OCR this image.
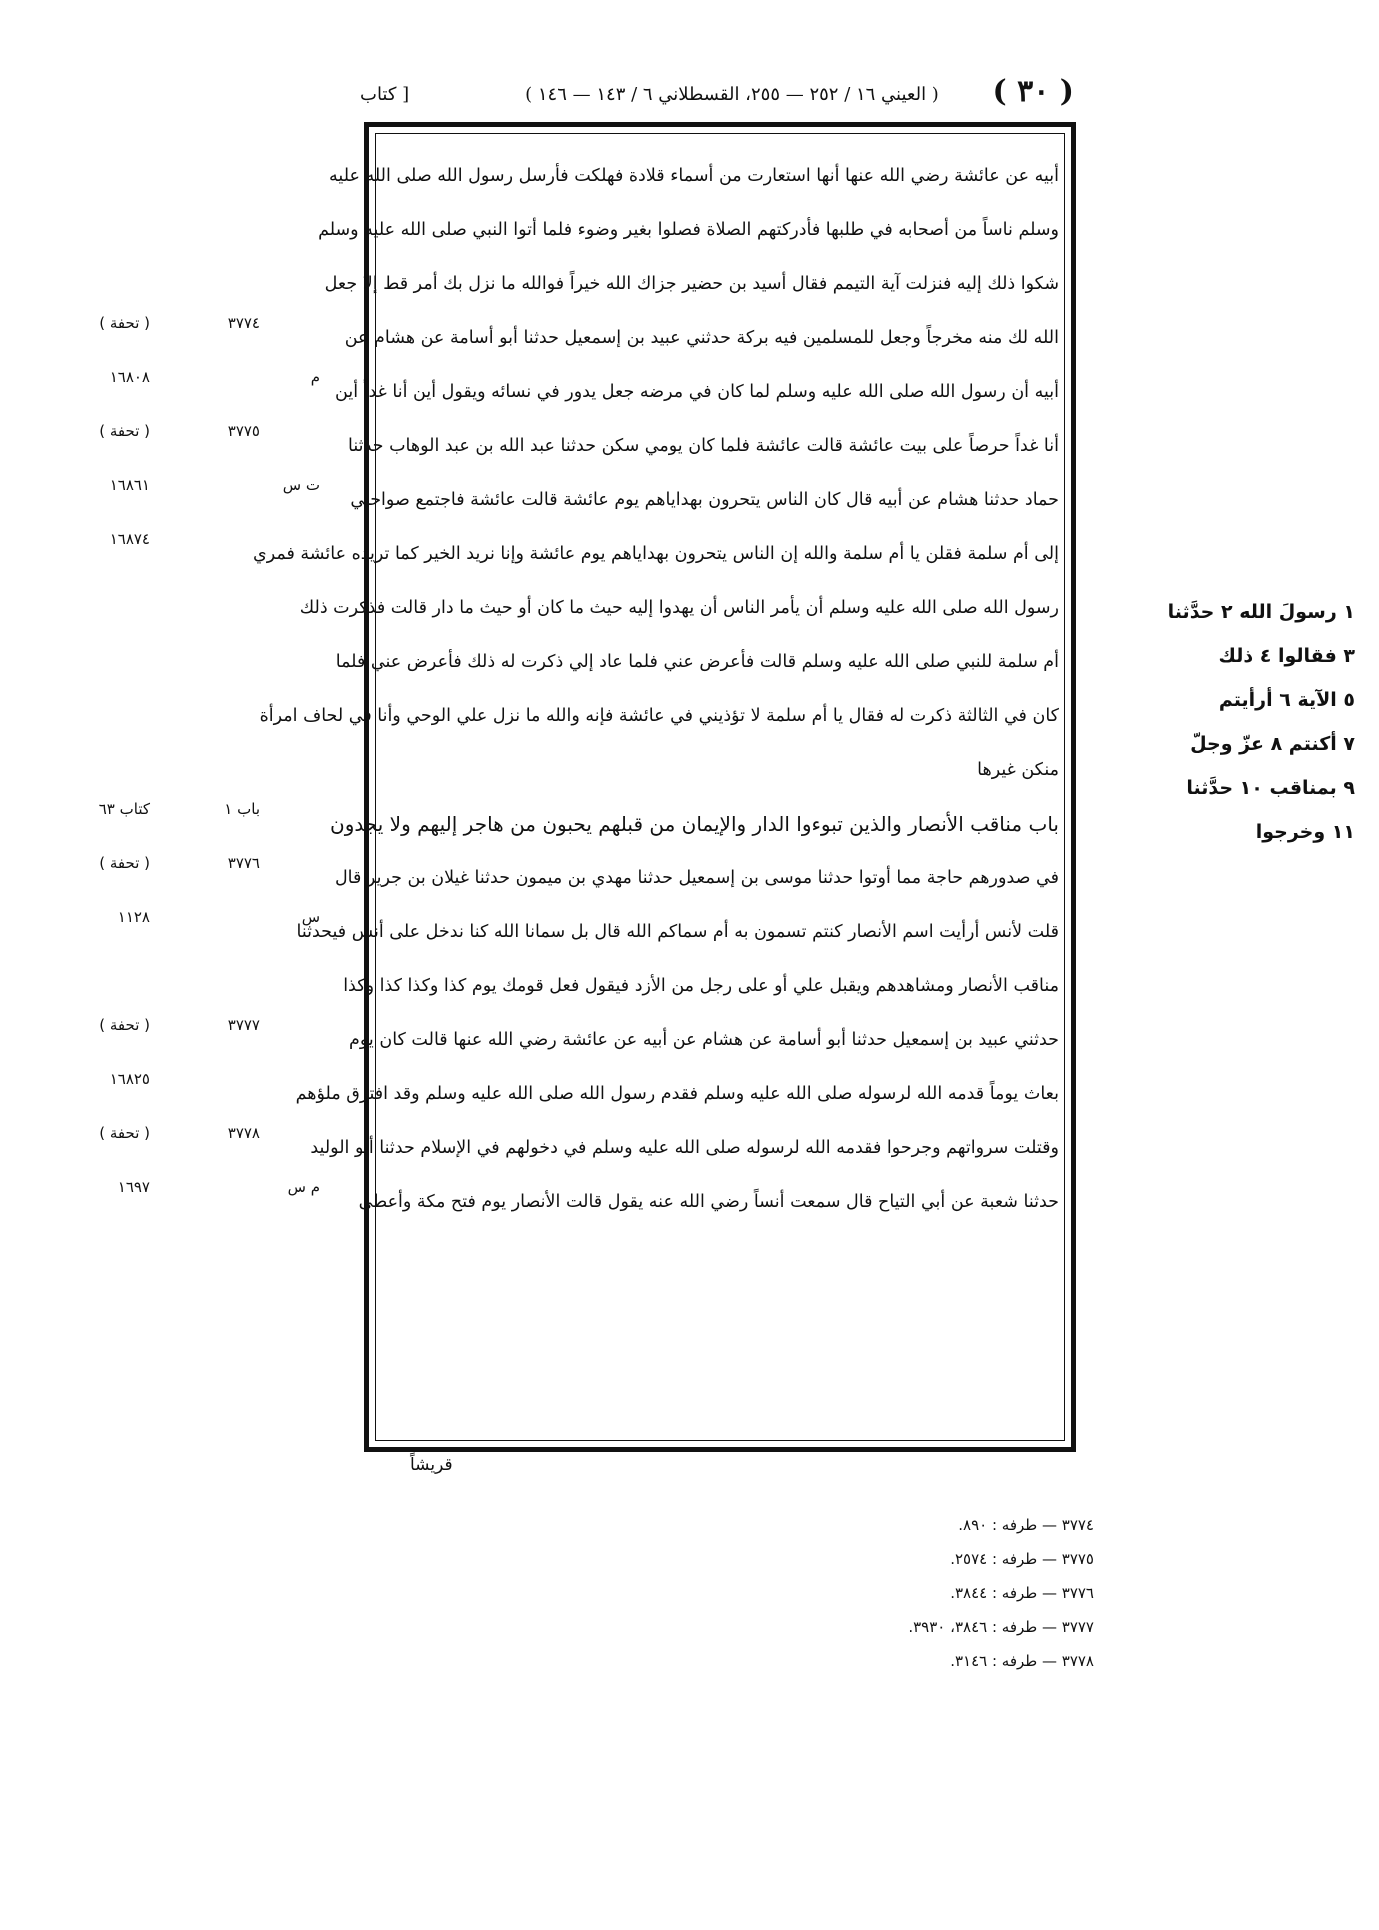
( ٣٠ )
( العيني ١٦ / ٢٥٢ — ٢٥٥، القسطلاني ٦ / ١٤٣ — ١٤٦ )
[ كتاب
أبيه عن عائشة رضي الله عنها أنها استعارت من أسماء قلادة فهلكت فأرسل رسول الله صلى الله عليه
وسلم ناساً من أصحابه في طلبها فأدركتهم الصلاة فصلوا بغير وضوء فلما أتوا النبي صلى الله عليه وسلم
شكوا ذلك إليه فنزلت آية التيمم فقال أسيد بن حضير جزاك الله خيراً فوالله ما نزل بك أمر قط إلا جعل
الله لك منه مخرجاً وجعل للمسلمين فيه بركة حدثني عبيد بن إسمعيل حدثنا أبو أسامة عن هشام عن
أبيه أن رسول الله صلى الله عليه وسلم لما كان في مرضه جعل يدور في نسائه ويقول أين أنا غداً أين
أنا غداً حرصاً على بيت عائشة قالت عائشة فلما كان يومي سكن حدثنا عبد الله بن عبد الوهاب حدثنا
حماد حدثنا هشام عن أبيه قال كان الناس يتحرون بهداياهم يوم عائشة قالت عائشة فاجتمع صواحبي
إلى أم سلمة فقلن يا أم سلمة والله إن الناس يتحرون بهداياهم يوم عائشة وإنا نريد الخير كما تريده عائشة فمري
رسول الله صلى الله عليه وسلم أن يأمر الناس أن يهدوا إليه حيث ما كان أو حيث ما دار قالت فذكرت ذلك
أم سلمة للنبي صلى الله عليه وسلم قالت فأعرض عني فلما عاد إلي ذكرت له ذلك فأعرض عني فلما
كان في الثالثة ذكرت له فقال يا أم سلمة لا تؤذيني في عائشة فإنه والله ما نزل علي الوحي وأنا في لحاف امرأة
منكن غيرها
باب مناقب الأنصار والذين تبوءوا الدار والإيمان من قبلهم يحبون من هاجر إليهم ولا يجدون
في صدورهم حاجة مما أوتوا حدثنا موسى بن إسمعيل حدثنا مهدي بن ميمون حدثنا غيلان بن جرير قال
قلت لأنس أرأيت اسم الأنصار كنتم تسمون به أم سماكم الله قال بل سمانا الله كنا ندخل على أنس فيحدثنا
مناقب الأنصار ومشاهدهم ويقبل علي أو على رجل من الأزد فيقول فعل قومك يوم كذا وكذا كذا وكذا
حدثني عبيد بن إسمعيل حدثنا أبو أسامة عن هشام عن أبيه عن عائشة رضي الله عنها قالت كان يوم
بعاث يوماً قدمه الله لرسوله صلى الله عليه وسلم فقدم رسول الله صلى الله عليه وسلم وقد افترق ملؤهم
وقتلت سرواتهم وجرحوا فقدمه الله لرسوله صلى الله عليه وسلم في دخولهم في الإسلام حدثنا أبو الوليد
حدثنا شعبة عن أبي التياح قال سمعت أنساً رضي الله عنه يقول قالت الأنصار يوم فتح مكة وأعطى
قريشاً
١ رسولَ الله ٢ حدَّثنا
٣ فقالوا ٤ ذلك
٥ الآية ٦ أرأيتم
٧ أكنتم ٨ عزّ وجلّ
٩ بمناقب ١٠ حدَّثنا
١١ وخرجوا
( تحفة )	٣٧٧٤
١٦٨٠٨	م
( تحفة )	٣٧٧٥
١٦٨٦١	ت س
١٦٨٧٤
كتاب ٦٣	باب ١
( تحفة )	٣٧٧٦
١١٢٨	س
( تحفة )	٣٧٧٧
١٦٨٢٥
( تحفة )	٣٧٧٨
١٦٩٧	م س
٣٧٧٤ — طرفه : ٨٩٠.
٣٧٧٥ — طرفه : ٢٥٧٤.
٣٧٧٦ — طرفه : ٣٨٤٤.
٣٧٧٧ — طرفه : ٣٨٤٦، ٣٩٣٠.
٣٧٧٨ — طرفه : ٣١٤٦.
